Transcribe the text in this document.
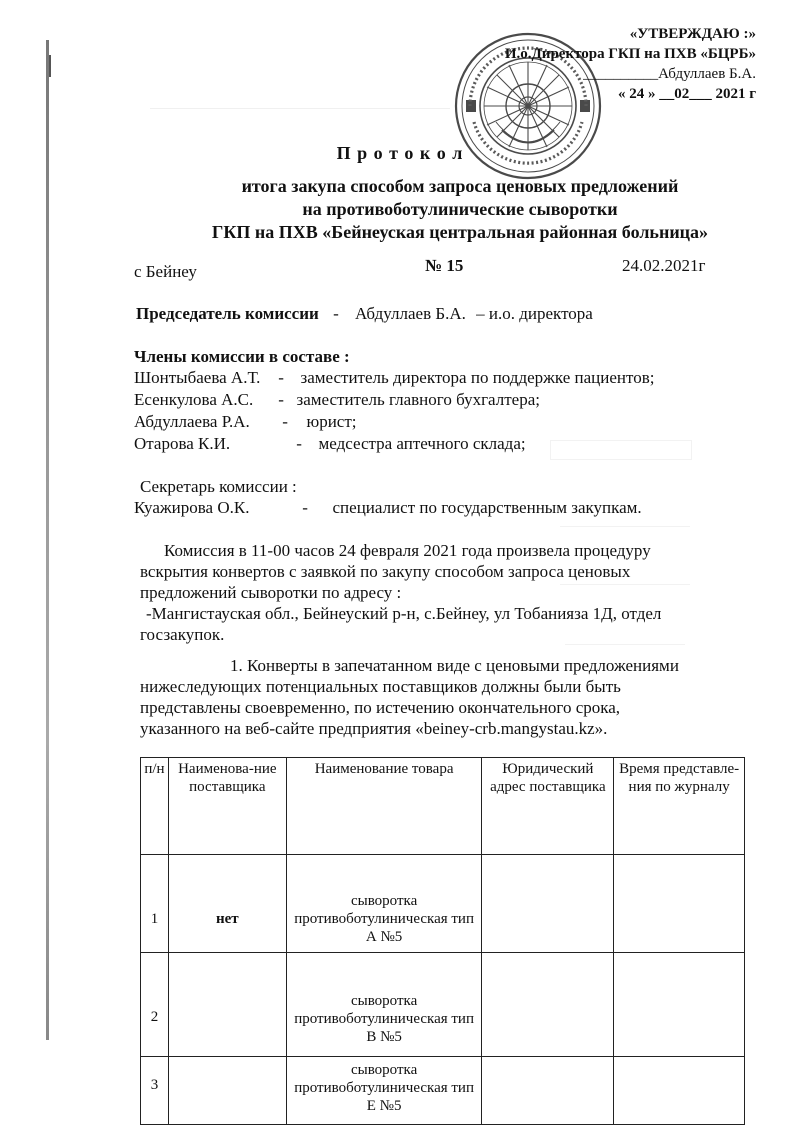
«УТВЕРЖДАЮ :»
И.о.Директора ГКП на ПХВ «БЦРБ»
__________Абдуллаев Б.А.
« 24 » __02___ 2021 г
П р о т о к о л
итога закупа способом запроса ценовых предложений
на противоботулинические сыворотки
ГКП на ПХВ «Бейнеуская центральная районная больница»
с Бейнеу	№ 15	24.02.2021г
Председатель комиссии - Абдуллаев Б.А. – и.о. директора
Члены комиссии в составе :
Шонтыбаева А.Т. - заместитель директора по поддержке пациентов;
Есенкулова А.С. - заместитель главного бухгалтера;
Абдуллаева Р.А. - юрист;
Отарова К.И.	- медсестра аптечного склада;
Секретарь комиссии :
Куажирова О.К.	- специалист по государственным закупкам.
Комиссия в 11-00 часов 24 февраля 2021 года произвела процедуру
вскрытия конвертов с заявкой по закупу способом запроса ценовых
предложений сыворотки по адресу :
-Мангистауская обл., Бейнеуский р-н, с.Бейнеу, ул Тобанияза 1Д, отдел
госзакупок.
1. Конверты в запечатанном виде с ценовыми предложениями
нижеследующих потенциальных поставщиков должны были быть
представлены своевременно, по истечению окончательного срока,
указанного на веб-сайте предприятия «beiney-crb.mangystau.kz».
п/н	Наименова-ние поставщика	Наименование товара	Юридический адрес поставщика	Время представле-ния по журналу
1	нет	сыворотка противоботулиническая тип А №5		
2		сыворотка противоботулиническая тип В №5		
3		сыворотка противоботулиническая тип Е №5		
